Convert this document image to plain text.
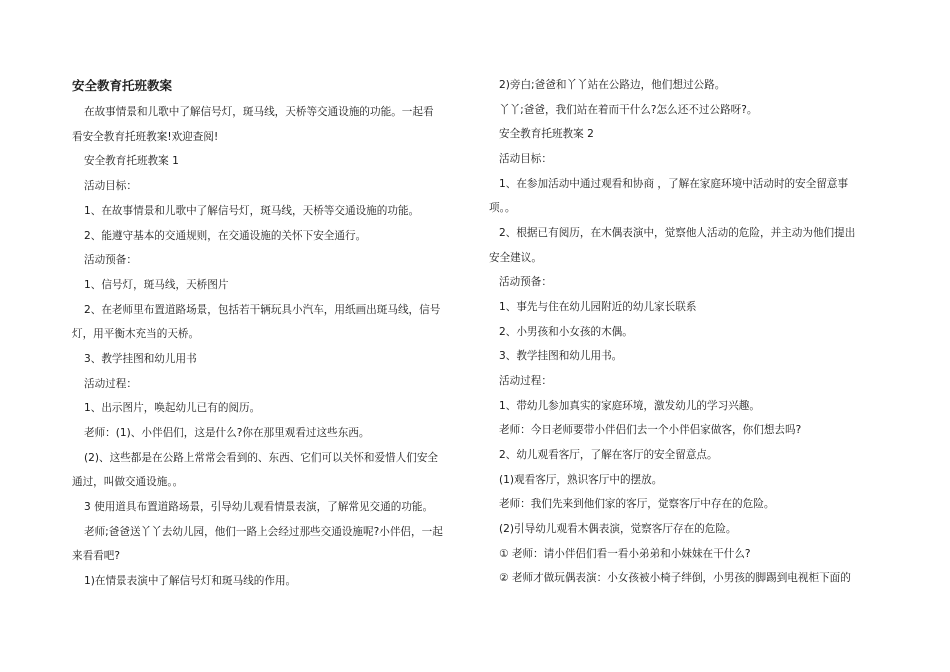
安全教育托班教案
在故事情景和儿歌中了解信号灯，斑马线，天桥等交通设施的功能。一起看
看安全教育托班教案!欢迎查阅!
安全教育托班教案 1
活动目标：
1、在故事情景和儿歌中了解信号灯，斑马线，天桥等交通设施的功能。
2、能遵守基本的交通规则，在交通设施的关怀下安全通行。
活动预备：
1、信号灯，斑马线，天桥图片
2、在老师里布置道路场景，包括若干辆玩具小汽车，用纸画出斑马线，信号
灯，用平衡木充当的天桥。
3、教学挂图和幼儿用书
活动过程：
1、出示图片，唤起幼儿已有的阅历。
老师：(1)、小伴侣们，这是什么?你在那里观看过这些东西。
(2)、这些都是在公路上常常会看到的、东西、它们可以关怀和爱惜人们安全
通过，叫做交通设施。。
3 使用道具布置道路场景，引导幼儿观看情景表演，了解常见交通的功能。
老师;爸爸送丫丫去幼儿园，他们一路上会经过那些交通设施呢?小伴侣，一起
来看看吧?
1)在情景表演中了解信号灯和斑马线的作用。
2)旁白;爸爸和丫丫站在公路边，他们想过公路。
丫丫;爸爸，我们站在着而干什么?怎么还不过公路呀?。
安全教育托班教案 2
活动目标：
1、在参加活动中通过观看和协商 ，了解在家庭环境中活动时的安全留意事
项。。
2、根据已有阅历，在木偶表演中，觉察他人活动的危险，并主动为他们提出
安全建议。
活动预备：
1、事先与住在幼儿园附近的幼儿家长联系
2、小男孩和小女孩的木偶。
3、教学挂图和幼儿用书。
活动过程：
1、带幼儿参加真实的家庭环境，激发幼儿的学习兴趣。
老师：今日老师要带小伴侣们去一个小伴侣家做客，你们想去吗?
2、幼儿观看客厅，了解在客厅的安全留意点。
(1)观看客厅，熟识客厅中的摆放。
老师：我们先来到他们家的客厅，觉察客厅中存在的危险。
(2)引导幼儿观看木偶表演，觉察客厅存在的危险。
① 老师：请小伴侣们看一看小弟弟和小妹妹在干什么?
② 老师才做玩偶表演：小女孩被小椅子绊倒，小男孩的脚踢到电视柜下面的
